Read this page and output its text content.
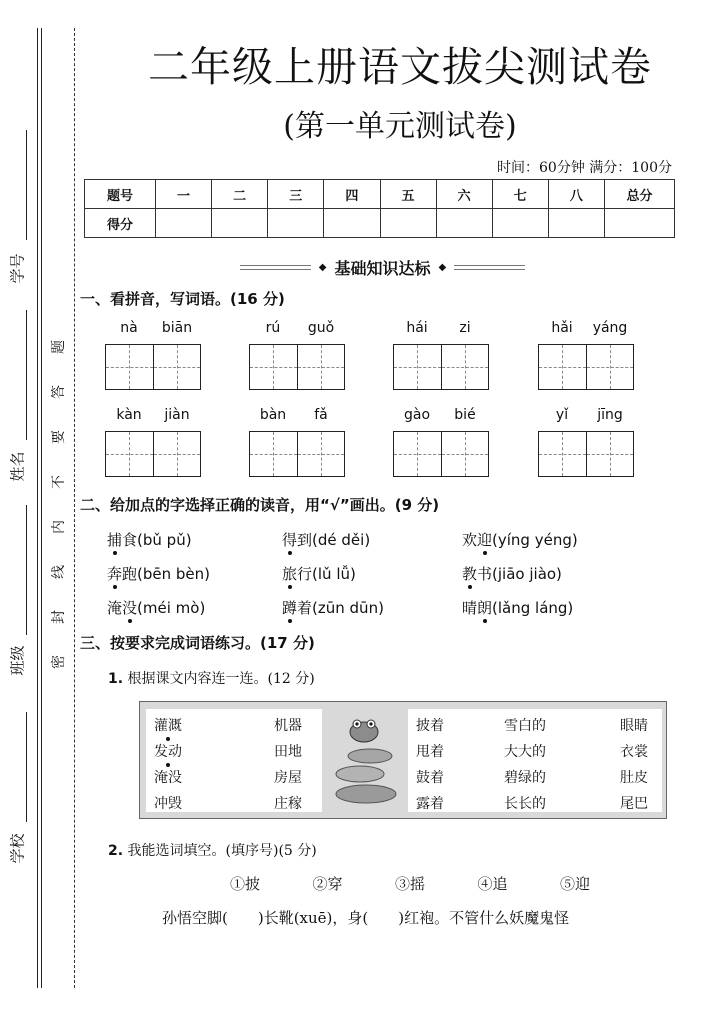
学号
姓名
班级
学校
题
答
要
不
内
线
封
密
二年级上册语文拔尖测试卷
(第一单元测试卷)
时间：60分钟 满分：100分
题号	一	二	三	四	五	六	七	八	总分
得分									
◆ 基础知识达标 ◆
一、看拼音，写词语。(16 分)
nà	biān	rú	guǒ	hái	zi	hǎi	yáng
kàn	jiàn	bàn	fǎ	gào	bié	yǐ	jīng
二、给加点的字选择正确的读音，用“√”画出。(9 分)
捕食(bǔ pǔ)	得到(dé děi)	欢迎(yíng yéng)
奔跑(bēn bèn)	旅行(lǔ lǚ)	教书(jiāo jiào)
淹没(méi mò)	蹲着(zūn dūn)	晴朗(lǎng láng)
三、按要求完成词语练习。(17 分)
1. 根据课文内容连一连。(12 分)
灌溉	机器
发动	田地
淹没	房屋
冲毁	庄稼
披着	雪白的	眼睛
甩着	大大的	衣裳
鼓着	碧绿的	肚皮
露着	长长的	尾巴
2. 我能选词填空。(填序号)(5 分)
①披	②穿	③摇	④追	⑤迎
孙悟空脚(　　)长靴(xuē)，身(　　)红袍。不管什么妖魔鬼怪
